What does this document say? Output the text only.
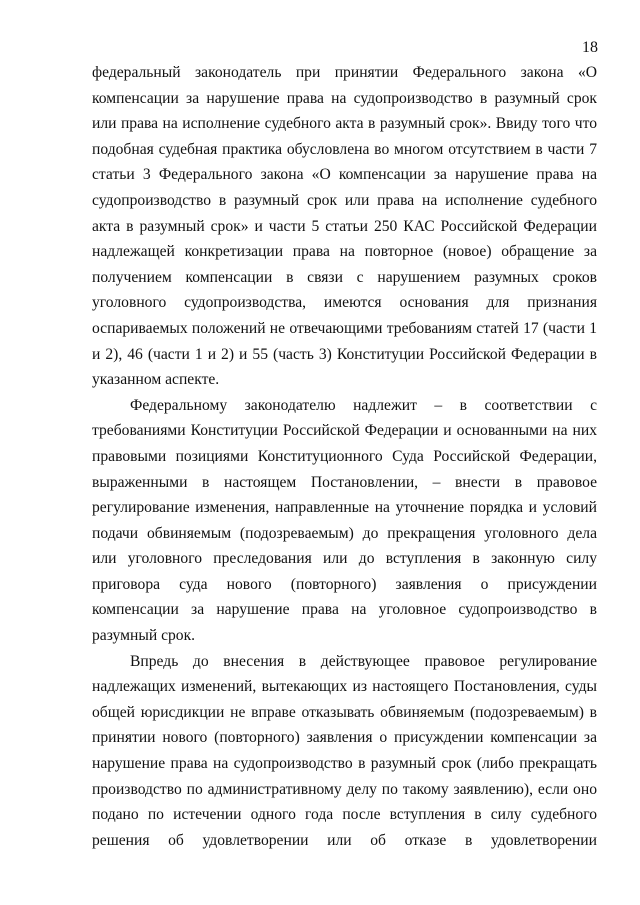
18
федеральный законодатель при принятии Федерального закона «О
компенсации за нарушение права на судопроизводство в разумный срок
или права на исполнение судебного акта в разумный срок». Ввиду того что
подобная судебная практика обусловлена во многом отсутствием в части 7
статьи 3 Федерального закона «О компенсации за нарушение права на
судопроизводство в разумный срок или права на исполнение судебного
акта в разумный срок» и части 5 статьи 250 КАС Российской Федерации
надлежащей конкретизации права на повторное (новое) обращение за
получением компенсации в связи с нарушением разумных сроков
уголовного судопроизводства, имеются основания для признания
оспариваемых положений не отвечающими требованиям статей 17 (части 1
и 2), 46 (части 1 и 2) и 55 (часть 3) Конституции Российской Федерации в
указанном аспекте.
Федеральному законодателю надлежит – в соответствии с
требованиями Конституции Российской Федерации и основанными на них
правовыми позициями Конституционного Суда Российской Федерации,
выраженными в настоящем Постановлении, – внести в правовое
регулирование изменения, направленные на уточнение порядка и условий
подачи обвиняемым (подозреваемым) до прекращения уголовного дела
или уголовного преследования или до вступления в законную силу
приговора суда нового (повторного) заявления о присуждении
компенсации за нарушение права на уголовное судопроизводство в
разумный срок.
Впредь до внесения в действующее правовое регулирование
надлежащих изменений, вытекающих из настоящего Постановления, суды
общей юрисдикции не вправе отказывать обвиняемым (подозреваемым) в
принятии нового (повторного) заявления о присуждении компенсации за
нарушение права на судопроизводство в разумный срок (либо прекращать
производство по административному делу по такому заявлению), если оно
подано по истечении одного года после вступления в силу судебного
решения об удовлетворении или об отказе в удовлетворении
